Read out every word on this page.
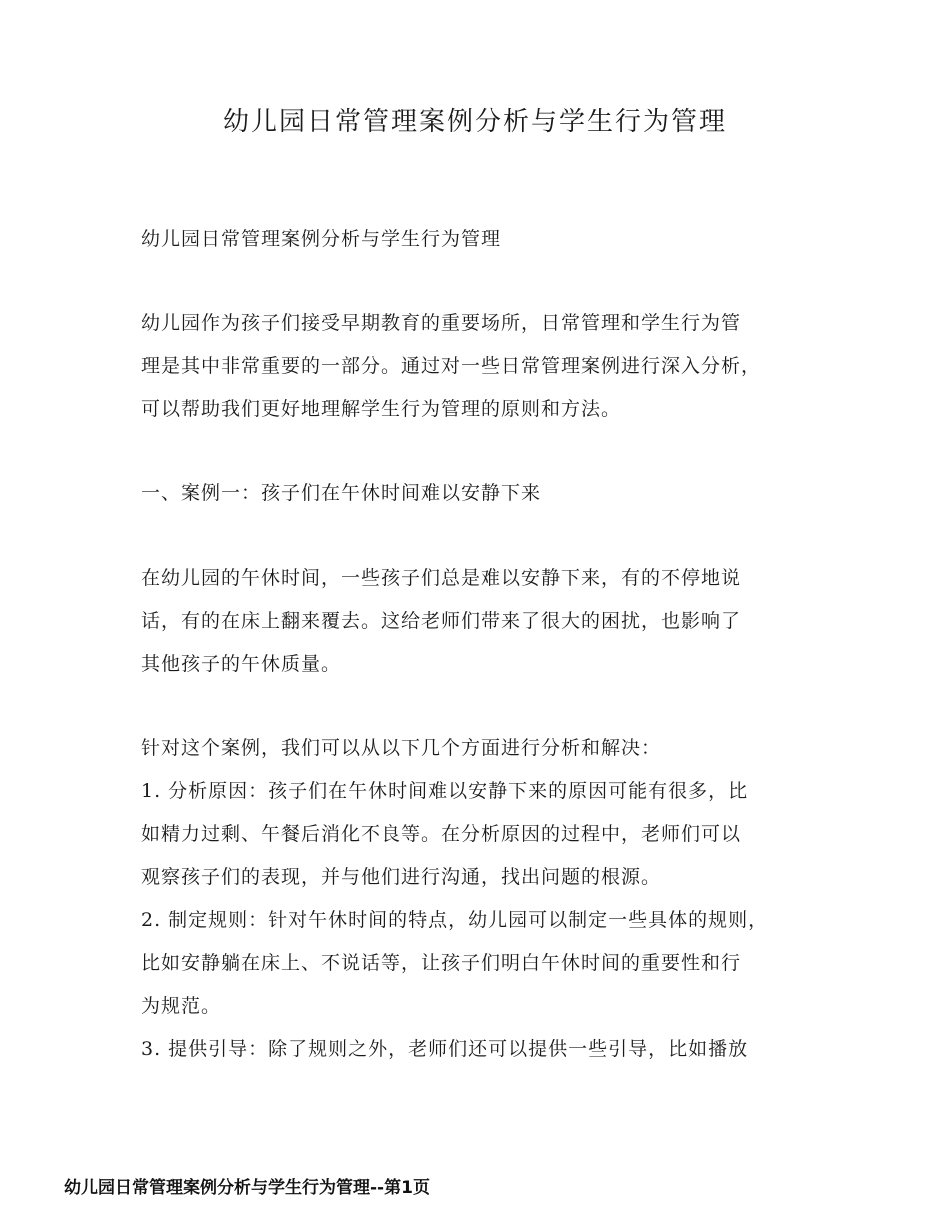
幼儿园日常管理案例分析与学生行为管理

幼儿园日常管理案例分析与学生行为管理

幼儿园作为孩子们接受早期教育的重要场所，日常管理和学生行为管
理是其中非常重要的一部分。通过对一些日常管理案例进行深入分析，
可以帮助我们更好地理解学生行为管理的原则和方法。

一、案例一：孩子们在午休时间难以安静下来

在幼儿园的午休时间，一些孩子们总是难以安静下来，有的不停地说
话，有的在床上翻来覆去。这给老师们带来了很大的困扰，也影响了
其他孩子的午休质量。
针对这个案例，我们可以从以下几个方面进行分析和解决：
1. 分析原因：孩子们在午休时间难以安静下来的原因可能有很多，比
如精力过剩、午餐后消化不良等。在分析原因的过程中，老师们可以
观察孩子们的表现，并与他们进行沟通，找出问题的根源。
2. 制定规则：针对午休时间的特点，幼儿园可以制定一些具体的规则，
比如安静躺在床上、不说话等，让孩子们明白午休时间的重要性和行
为规范。
3. 提供引导：除了规则之外，老师们还可以提供一些引导，比如播放
幼儿园日常管理案例分析与学生行为管理--第1页
